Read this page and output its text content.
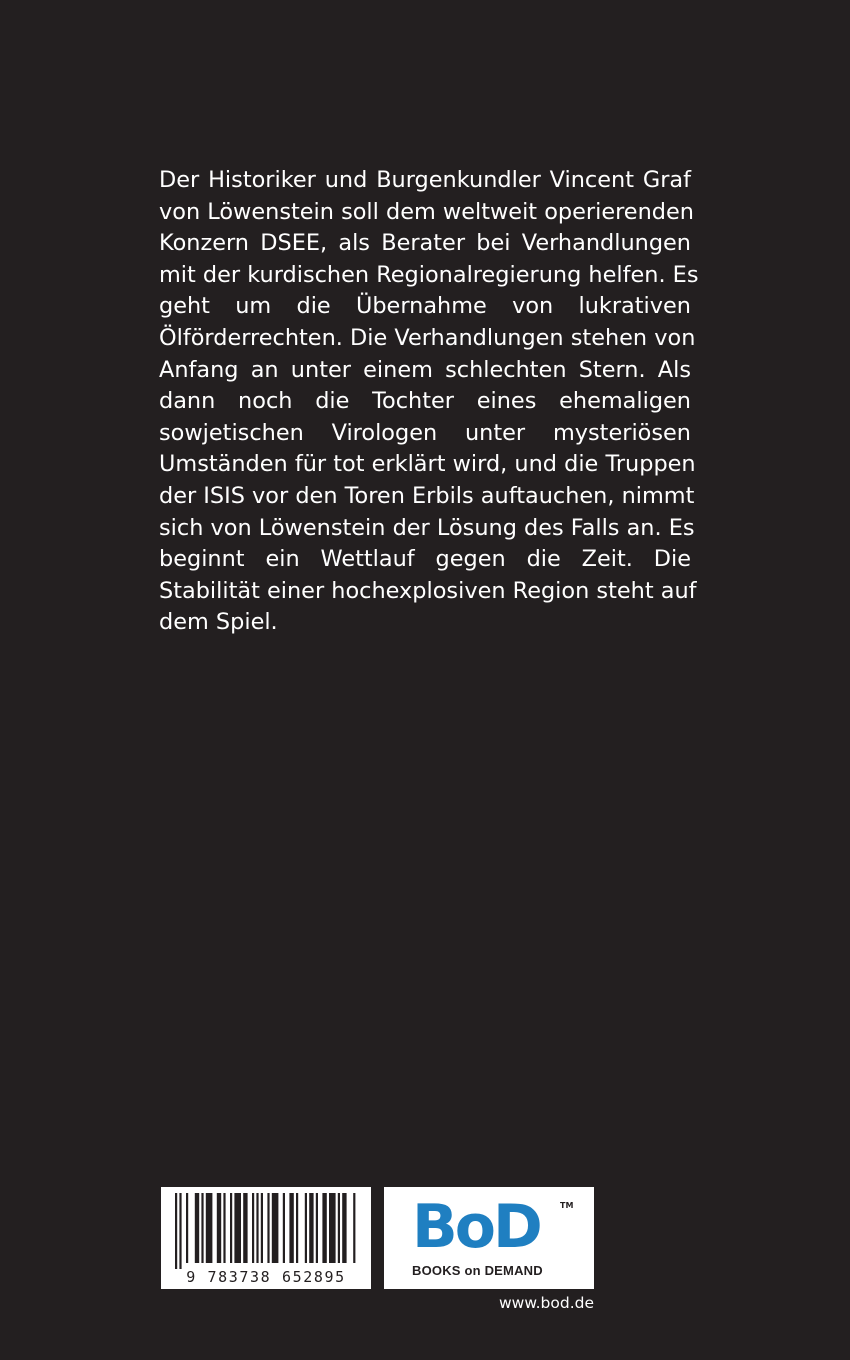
Der Historiker und Burgenkundler Vincent Graf
von Löwenstein soll dem weltweit operierenden
Konzern DSEE, als Berater bei Verhandlungen
mit der kurdischen Regionalregierung helfen. Es
geht um die Übernahme von lukrativen
Ölförderrechten. Die Verhandlungen stehen von
Anfang an unter einem schlechten Stern. Als
dann noch die Tochter eines ehemaligen
sowjetischen Virologen unter mysteriösen
Umständen für tot erklärt wird, und die Truppen
der ISIS vor den Toren Erbils auftauchen, nimmt
sich von Löwenstein der Lösung des Falls an. Es
beginnt ein Wettlauf gegen die Zeit. Die
Stabilität einer hochexplosiven Region steht auf
dem Spiel.
9 783738 652895
BoD	TM
BOOKS on DEMAND
www.bod.de
